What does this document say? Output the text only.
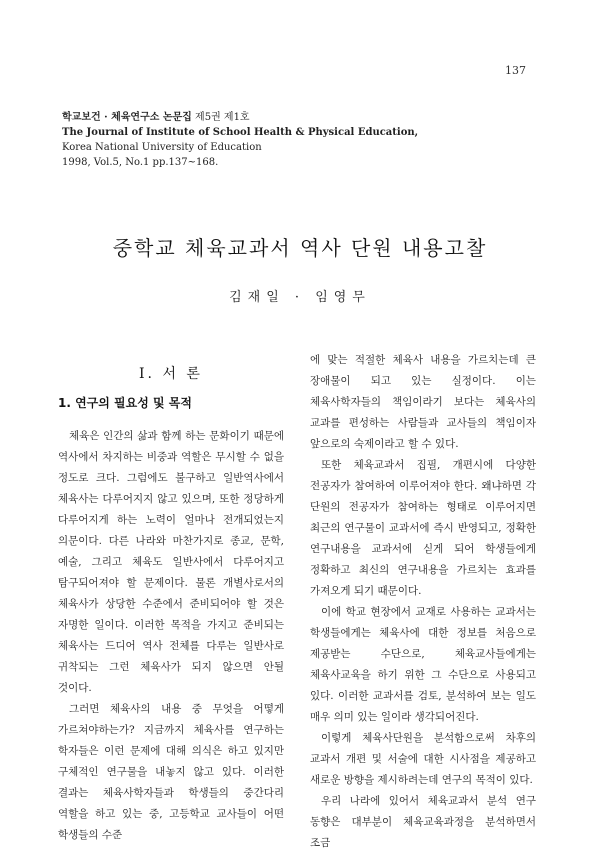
137
학교보건 · 체육연구소 논문집 제5권 제1호
The Journal of Institute of School Health & Physical Education,
Korea National University of Education
1998, Vol.5, No.1 pp.137~168.
중학교 체육교과서 역사 단원 내용고찰
김재일 · 임영무
Ⅰ. 서 론
1. 연구의 필요성 및 목적

체육은 인간의 삶과 함께 하는 문화이기 때문에 역사에서 차지하는 비중과 역할은 무시할 수 없을 정도로 크다. 그럼에도 불구하고 일반역사에서 체육사는 다루어지지 않고 있으며, 또한 정당하게 다루어지게 하는 노력이 얼마나 전개되었는지 의문이다. 다른 나라와 마찬가지로 종교, 문학, 예술, 그리고 체육도 일반사에서 다루어지고 탐구되어져야 할 문제이다. 물론 개별사로서의 체육사가 상당한 수준에서 준비되어야 할 것은 자명한 일이다. 이러한 목적을 가지고 준비되는 체육사는 드디어 역사 전체를 다루는 일반사로 귀착되는 그런 체육사가 되지 않으면 안될 것이다.

그러면 체육사의 내용 중 무엇을 어떻게 가르쳐야하는가? 지금까지 체육사를 연구하는 학자들은 이런 문제에 대해 의식은 하고 있지만 구체적인 연구물을 내놓지 않고 있다. 이러한 결과는 체육사학자들과 학생들의 중간다리 역할을 하고 있는 중, 고등학교 교사들이 어떤 학생들의 수준

에 맞는 적절한 체육사 내용을 가르치는데 큰 장애물이 되고 있는 실정이다. 이는 체육사학자들의 책임이라기 보다는 체육사의 교과를 편성하는 사람들과 교사들의 책임이자 앞으로의 숙제이라고 할 수 있다.

또한 체육교과서 집필, 개편시에 다양한 전공자가 참여하여 이루어져야 한다. 왜냐하면 각 단원의 전공자가 참여하는 형태로 이루어지면 최근의 연구물이 교과서에 즉시 반영되고, 정확한 연구내용을 교과서에 싣게 되어 학생들에게 정확하고 최신의 연구내용을 가르치는 효과를 가져오게 되기 때문이다.

이에 학교 현장에서 교재로 사용하는 교과서는 학생들에게는 체육사에 대한 정보를 처음으로 제공받는 수단으로, 체육교사들에게는 체육사교육을 하기 위한 그 수단으로 사용되고 있다. 이러한 교과서를 검토, 분석하여 보는 일도 매우 의미 있는 일이라 생각되어진다.

이렇게 체육사단원을 분석함으로써 차후의 교과서 개편 및 서술에 대한 시사점을 제공하고 새로운 방향을 제시하려는데 연구의 목적이 있다.

우리 나라에 있어서 체육교과서 분석 연구 동향은 대부분이 체육교육과정을 분석하면서 조금
